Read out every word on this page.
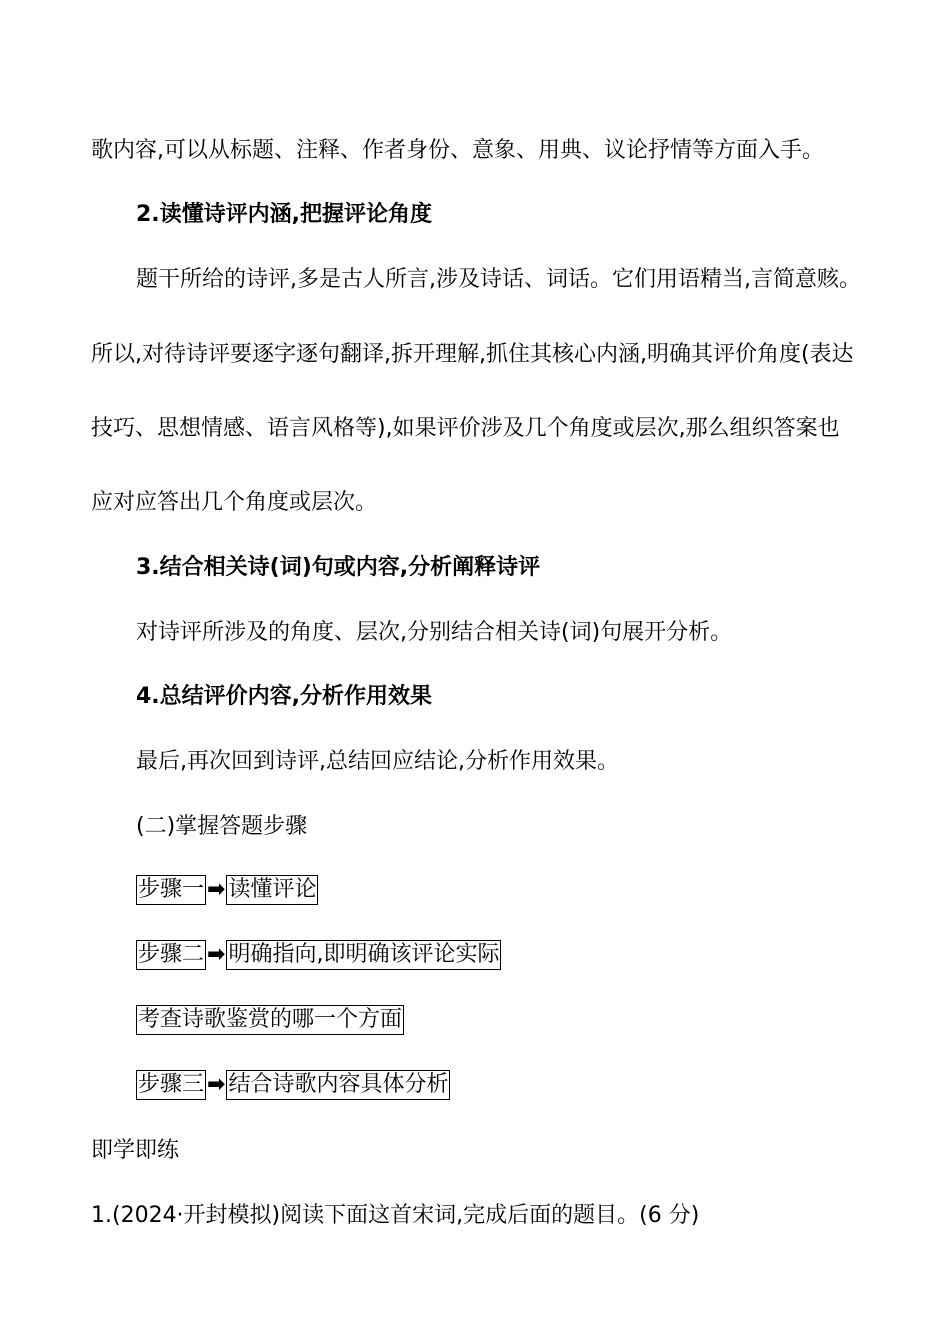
歌内容,可以从标题、注释、作者身份、意象、用典、议论抒情等方面入手。
2.读懂诗评内涵,把握评论角度
题干所给的诗评,多是古人所言,涉及诗话、词话。它们用语精当,言简意赅。
所以,对待诗评要逐字逐句翻译,拆开理解,抓住其核心内涵,明确其评价角度(表达
技巧、思想情感、语言风格等),如果评价涉及几个角度或层次,那么组织答案也
应对应答出几个角度或层次。
3.结合相关诗(词)句或内容,分析阐释诗评
对诗评所涉及的角度、层次,分别结合相关诗(词)句展开分析。
4.总结评价内容,分析作用效果
最后,再次回到诗评,总结回应结论,分析作用效果。
(二)掌握答题步骤
步骤一 ➡ 读懂评论
步骤二 ➡ 明确指向,即明确该评论实际
考查诗歌鉴赏的哪一个方面
步骤三 ➡ 结合诗歌内容具体分析
即学即练
1.(2024·开封模拟)阅读下面这首宋词,完成后面的题目。(6 分)
